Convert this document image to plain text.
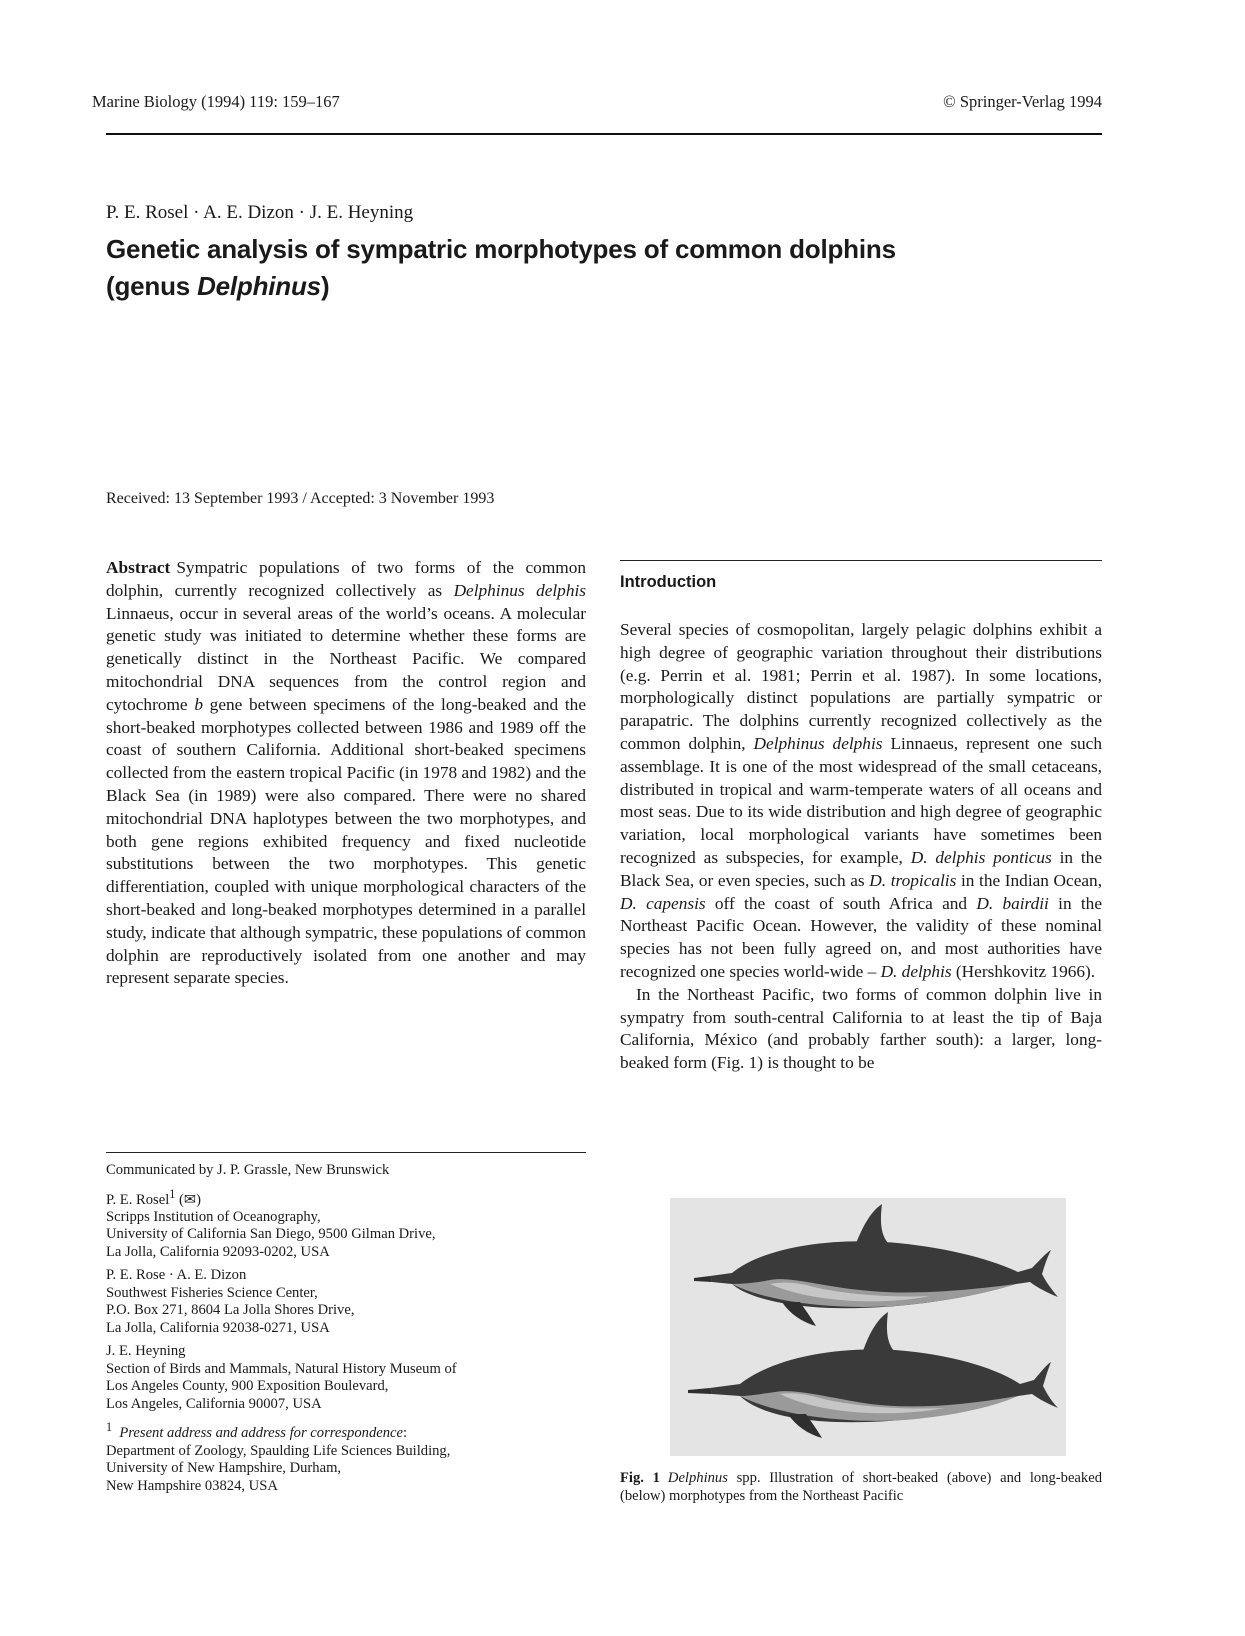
Marine Biology (1994) 119: 159–167	© Springer-Verlag 1994
P. E. Rosel · A. E. Dizon · J. E. Heyning
Genetic analysis of sympatric morphotypes of common dolphins
(genus Delphinus)
Received: 13 September 1993 / Accepted: 3 November 1993

Abstract Sympatric populations of two forms of the common dolphin, currently recognized collectively as Delphinus delphis Linnaeus, occur in several areas of the world’s oceans. A molecular genetic study was initiated to determine whether these forms are genetically distinct in the Northeast Pacific. We compared mitochondrial DNA sequences from the control region and cytochrome b gene between specimens of the long-beaked and the short-beaked morphotypes collected between 1986 and 1989 off the coast of southern California. Additional short-beaked specimens collected from the eastern tropical Pacific (in 1978 and 1982) and the Black Sea (in 1989) were also compared. There were no shared mitochondrial DNA haplotypes between the two morphotypes, and both gene regions exhibited frequency and fixed nucleotide substitutions between the two morphotypes. This genetic differentiation, coupled with unique morphological characters of the short-beaked and long-beaked morphotypes determined in a parallel study, indicate that although sympatric, these populations of common dolphin are reproductively isolated from one another and may represent separate species.

Communicated by J. P. Grassle, New Brunswick

P. E. Rosel$^1$ (✉)
Scripps Institution of Oceanography,
University of California San Diego, 9500 Gilman Drive,
La Jolla, California 92093-0202, USA

P. E. Rose · A. E. Dizon
Southwest Fisheries Science Center,
P.O. Box 271, 8604 La Jolla Shores Drive,
La Jolla, California 92038-0271, USA

J. E. Heyning
Section of Birds and Mammals, Natural History Museum of
Los Angeles County, 900 Exposition Boulevard,
Los Angeles, California 90007, USA

$^1$ Present address and address for correspondence:
Department of Zoology, Spaulding Life Sciences Building,
University of New Hampshire, Durham,
New Hampshire 03824, USA

Introduction

Several species of cosmopolitan, largely pelagic dolphins exhibit a high degree of geographic variation throughout their distributions (e.g. Perrin et al. 1981; Perrin et al. 1987). In some locations, morphologically distinct populations are partially sympatric or parapatric. The dolphins currently recognized collectively as the common dolphin, Delphinus delphis Linnaeus, represent one such assemblage. It is one of the most widespread of the small cetaceans, distributed in tropical and warm-temperate waters of all oceans and most seas. Due to its wide distribution and high degree of geographic variation, local morphological variants have sometimes been recognized as subspecies, for example, D. delphis ponticus in the Black Sea, or even species, such as D. tropicalis in the Indian Ocean, D. capensis off the coast of south Africa and D. bairdii in the Northeast Pacific Ocean. However, the validity of these nominal species has not been fully agreed on, and most authorities have recognized one species world-wide – D. delphis (Hershkovitz 1966).

In the Northeast Pacific, two forms of common dolphin live in sympatry from south-central California to at least the tip of Baja California, México (and probably farther south): a larger, long-beaked form (Fig. 1) is thought to be

Fig. 1 Delphinus spp. Illustration of short-beaked (above) and long-beaked (below) morphotypes from the Northeast Pacific
